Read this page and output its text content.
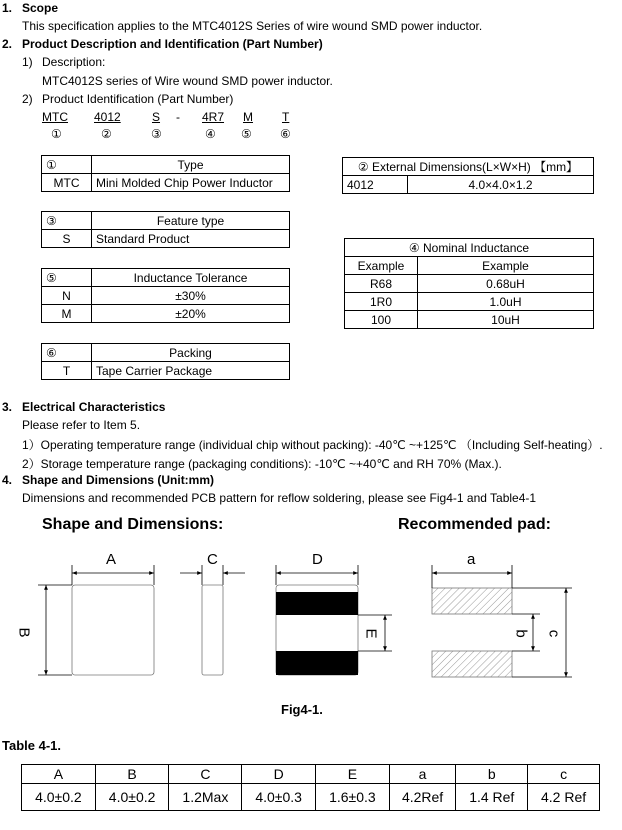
1. Scope
This specification applies to the MTC4012S Series of wire wound SMD power inductor.
2. Product Description and Identification (Part Number)
1) Description:
MTC4012S series of Wire wound SMD power inductor.
2) Product Identification (Part Number)
MTC 4012	S - 4R7 M T
①	②	③	④ ⑤ ⑥
①	Type
MTC	Mini Molded Chip Power Inductor
③	Feature type
S	Standard Product
⑤	Inductance Tolerance
N	±30%
M	±20%
⑥	Packing
T	Tape Carrier Package
② External Dimensions(L×W×H) 【mm】
4012	4.0×4.0×1.2
④ Nominal Inductance	
Example	Example
R68	0.68uH
1R0	1.0uH
100	10uH
3. Electrical Characteristics
Please refer to Item 5.
1）Operating temperature range (individual chip without packing): -40℃ ~+125℃ （Including Self-heating）.
2）Storage temperature range (packaging conditions): -10℃ ~+40℃ and RH 70% (Max.).
4. Shape and Dimensions (Unit:mm)
Dimensions and recommended PCB pattern for reflow soldering, please see Fig4-1 and Table4-1
Shape and Dimensions:	Recommended pad:
A
B
C	D
E
a
b c
Fig4-1.
Table 4-1.
A	B	C	D	E	a	b	c
4.0±0.2	4.0±0.2	1.2Max	4.0±0.3	1.6±0.3	4.2Ref	1.4 Ref	4.2 Ref
